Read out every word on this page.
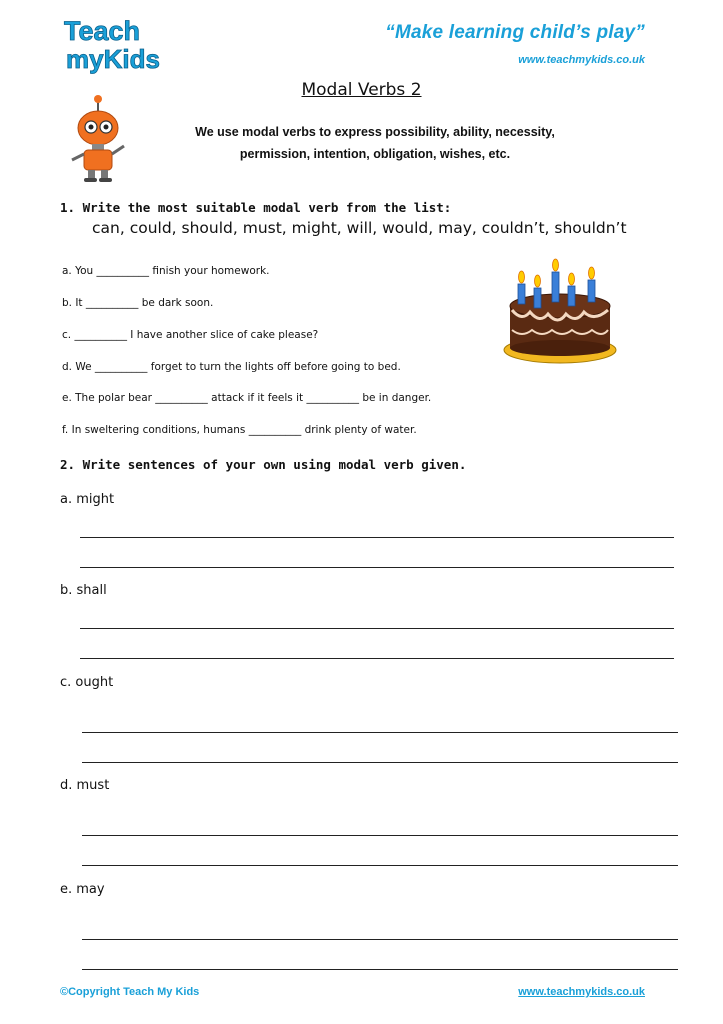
Teach
myKids
“Make learning child’s play”
www.teachmykids.co.uk
Modal Verbs 2
We use modal verbs to express possibility, ability, necessity,
permission, intention, obligation, wishes, etc.
1. Write the most suitable modal verb from the list:
can, could, should, must, might, will, would, may, couldn’t, shouldn’t
a. You __________ finish your homework.
b. It __________ be dark soon.
c. __________ I have another slice of cake please?
d. We __________ forget to turn the lights off before going to bed.
e. The polar bear __________ attack if it feels it __________ be in danger.
f. In sweltering conditions, humans __________ drink plenty of water.
2. Write sentences of your own using modal verb given.
a. might
b. shall
c. ought
d. must
e. may
©Copyright Teach My Kids	www.teachmykids.co.uk
